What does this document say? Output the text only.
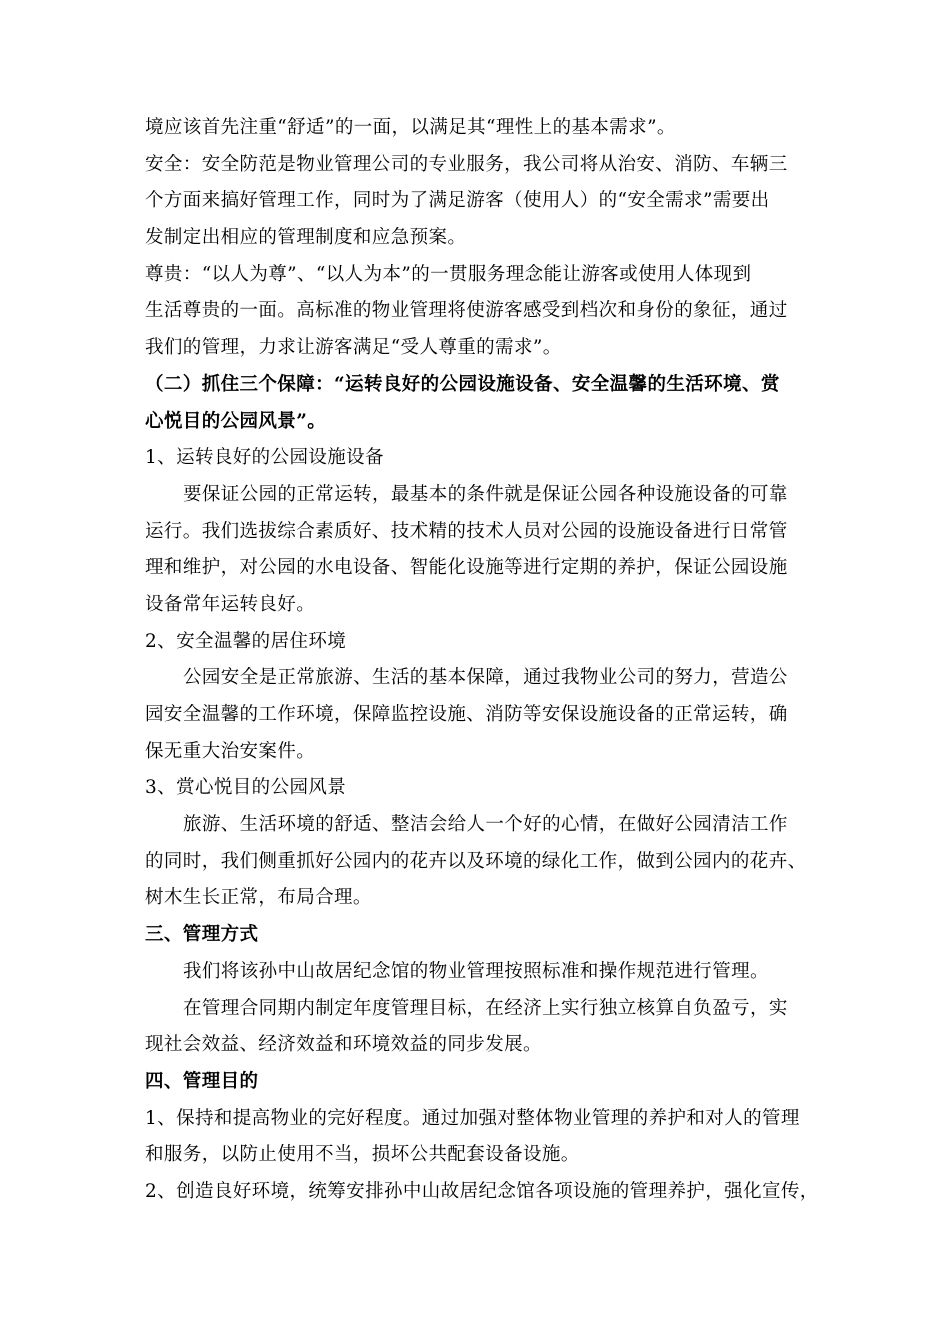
境应该首先注重“舒适”的一面，以满足其“理性上的基本需求”。
安全：安全防范是物业管理公司的专业服务，我公司将从治安、消防、车辆三
个方面来搞好管理工作，同时为了满足游客（使用人）的“安全需求”需要出
发制定出相应的管理制度和应急预案。
尊贵：“以人为尊”、“以人为本”的一贯服务理念能让游客或使用人体现到
生活尊贵的一面。高标准的物业管理将使游客感受到档次和身份的象征，通过
我们的管理，力求让游客满足“受人尊重的需求”。
（二）抓住三个保障：“运转良好的公园设施设备、安全温馨的生活环境、赏
心悦目的公园风景”。
1、运转良好的公园设施设备
要保证公园的正常运转，最基本的条件就是保证公园各种设施设备的可靠
运行。我们选拔综合素质好、技术精的技术人员对公园的设施设备进行日常管
理和维护，对公园的水电设备、智能化设施等进行定期的养护，保证公园设施
设备常年运转良好。
2、安全温馨的居住环境
公园安全是正常旅游、生活的基本保障，通过我物业公司的努力，营造公
园安全温馨的工作环境，保障监控设施、消防等安保设施设备的正常运转，确
保无重大治安案件。
3、赏心悦目的公园风景
旅游、生活环境的舒适、整洁会给人一个好的心情，在做好公园清洁工作
的同时，我们侧重抓好公园内的花卉以及环境的绿化工作，做到公园内的花卉、
树木生长正常，布局合理。
三、管理方式
我们将该孙中山故居纪念馆的物业管理按照标准和操作规范进行管理。
在管理合同期内制定年度管理目标，在经济上实行独立核算自负盈亏，实
现社会效益、经济效益和环境效益的同步发展。
四、管理目的
1、保持和提高物业的完好程度。通过加强对整体物业管理的养护和对人的管理
和服务，以防止使用不当，损坏公共配套设备设施。
2、创造良好环境，统筹安排孙中山故居纪念馆各项设施的管理养护，强化宣传，
